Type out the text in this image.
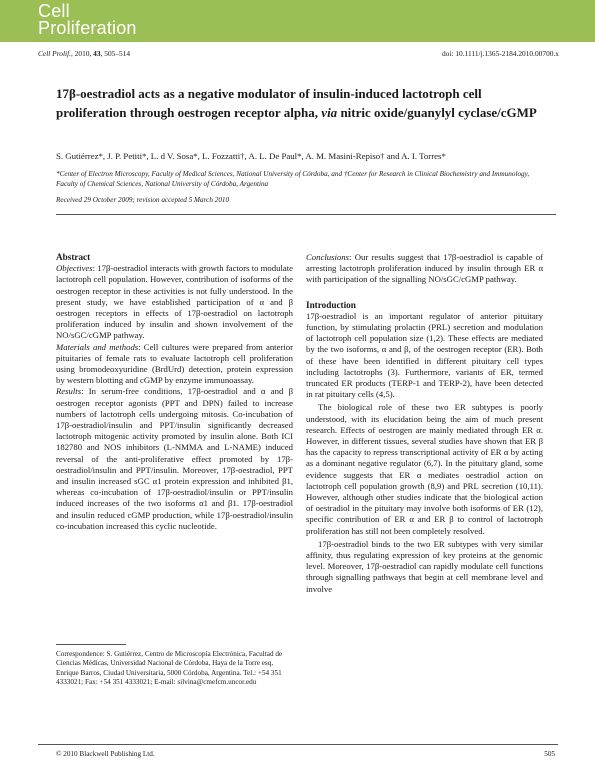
Cell
Proliferation
Cell Prolif., 2010, 43, 505–514	doi: 10.1111/j.1365-2184.2010.00700.x
17β-oestradiol acts as a negative modulator of insulin-induced lactotroph cell proliferation through oestrogen receptor alpha, via nitric oxide/guanylyl cyclase/cGMP
S. Gutiérrez*, J. P. Petiti*, L. d V. Sosa*, L. Fozzatti†, A. L. De Paul*, A. M. Masini-Repiso† and A. I. Torres*
*Center of Electron Microscopy, Faculty of Medical Sciences, National University of Córdoba, and †Center for Research in Clinical Biochemistry and Immunology, Faculty of Chemical Sciences, National University of Córdoba, Argentina
Received 29 October 2009; revision accepted 5 March 2010

Abstract

Objectives: 17β-oestradiol interacts with growth factors to modulate lactotroph cell population. However, contribution of isoforms of the oestrogen receptor in these activities is not fully understood. In the present study, we have established participation of α and β oestrogen receptors in effects of 17β-oestradiol on lactotroph proliferation induced by insulin and shown involvement of the NO/sGC/cGMP pathway.

Materials and methods: Cell cultures were prepared from anterior pituitaries of female rats to evaluate lactotroph cell proliferation using bromodeoxyuridine (BrdUrd) detection, protein expression by western blotting and cGMP by enzyme immunoassay.

Results: In serum-free conditions, 17β-oestradiol and α and β oestrogen receptor agonists (PPT and DPN) failed to increase numbers of lactotroph cells undergoing mitosis. Co-incubation of 17β-oestradiol/insulin and PPT/insulin significantly decreased lactotroph mitogenic activity promoted by insulin alone. Both ICI 182780 and NOS inhibitors (L-NMMA and L-NAME) induced reversal of the anti-proliferative effect promoted by 17β-oestradiol/insulin and PPT/insulin. Moreover, 17β-oestradiol, PPT and insulin increased sGC α1 protein expression and inhibited β1, whereas co-incubation of 17β-oestradiol/insulin or PPT/insulin induced increases of the two isoforms α1 and β1. 17β-oestradiol and insulin reduced cGMP production, while 17β-oestradiol/insulin co-incubation increased this cyclic nucleotide.

Conclusions: Our results suggest that 17β-oestradiol is capable of arresting lactotroph proliferation induced by insulin through ER α with participation of the signalling NO/sGC/cGMP pathway.

Introduction

17β-oestradiol is an important regulator of anterior pituitary function, by stimulating prolactin (PRL) secretion and modulation of lactotroph cell population size (1,2). These effects are mediated by the two isoforms, α and β, of the oestrogen receptor (ER). Both of these have been identified in different pituitary cell types including lactotrophs (3). Furthermore, variants of ER, termed truncated ER products (TERP-1 and TERP-2), have been detected in rat pituitary cells (4,5).

The biological role of these two ER subtypes is poorly understood, with its elucidation being the aim of much present research. Effects of oestrogen are mainly mediated through ER α. However, in different tissues, several studies have shown that ER β has the capacity to repress transcriptional activity of ER α by acting as a dominant negative regulator (6,7). In the pituitary gland, some evidence suggests that ER α mediates oestradiol action on lactotroph cell population growth (8,9) and PRL secretion (10,11). However, although other studies indicate that the biological action of oestradiol in the pituitary may involve both isoforms of ER (12), specific contribution of ER α and ER β to control of lactotroph proliferation has still not been completely resolved.

17β-oestradiol binds to the two ER subtypes with very similar affinity, thus regulating expression of key proteins at the genomic level. Moreover, 17β-oestradiol can rapidly modulate cell functions through signalling pathways that begin at cell membrane level and involve

Correspondence: S. Gutiérrez, Centro de Microscopía Electrónica, Facultad de Ciencias Médicas, Universidad Nacional de Córdoba, Haya de la Torre esq, Enrique Barros, Ciudad Universitaria, 5000 Córdoba, Argentina. Tel.: +54 351 4333021; Fax: +54 351 4333021; E-mail: silvina@cmefcm.uncor.edu
© 2010 Blackwell Publishing Ltd.	505
